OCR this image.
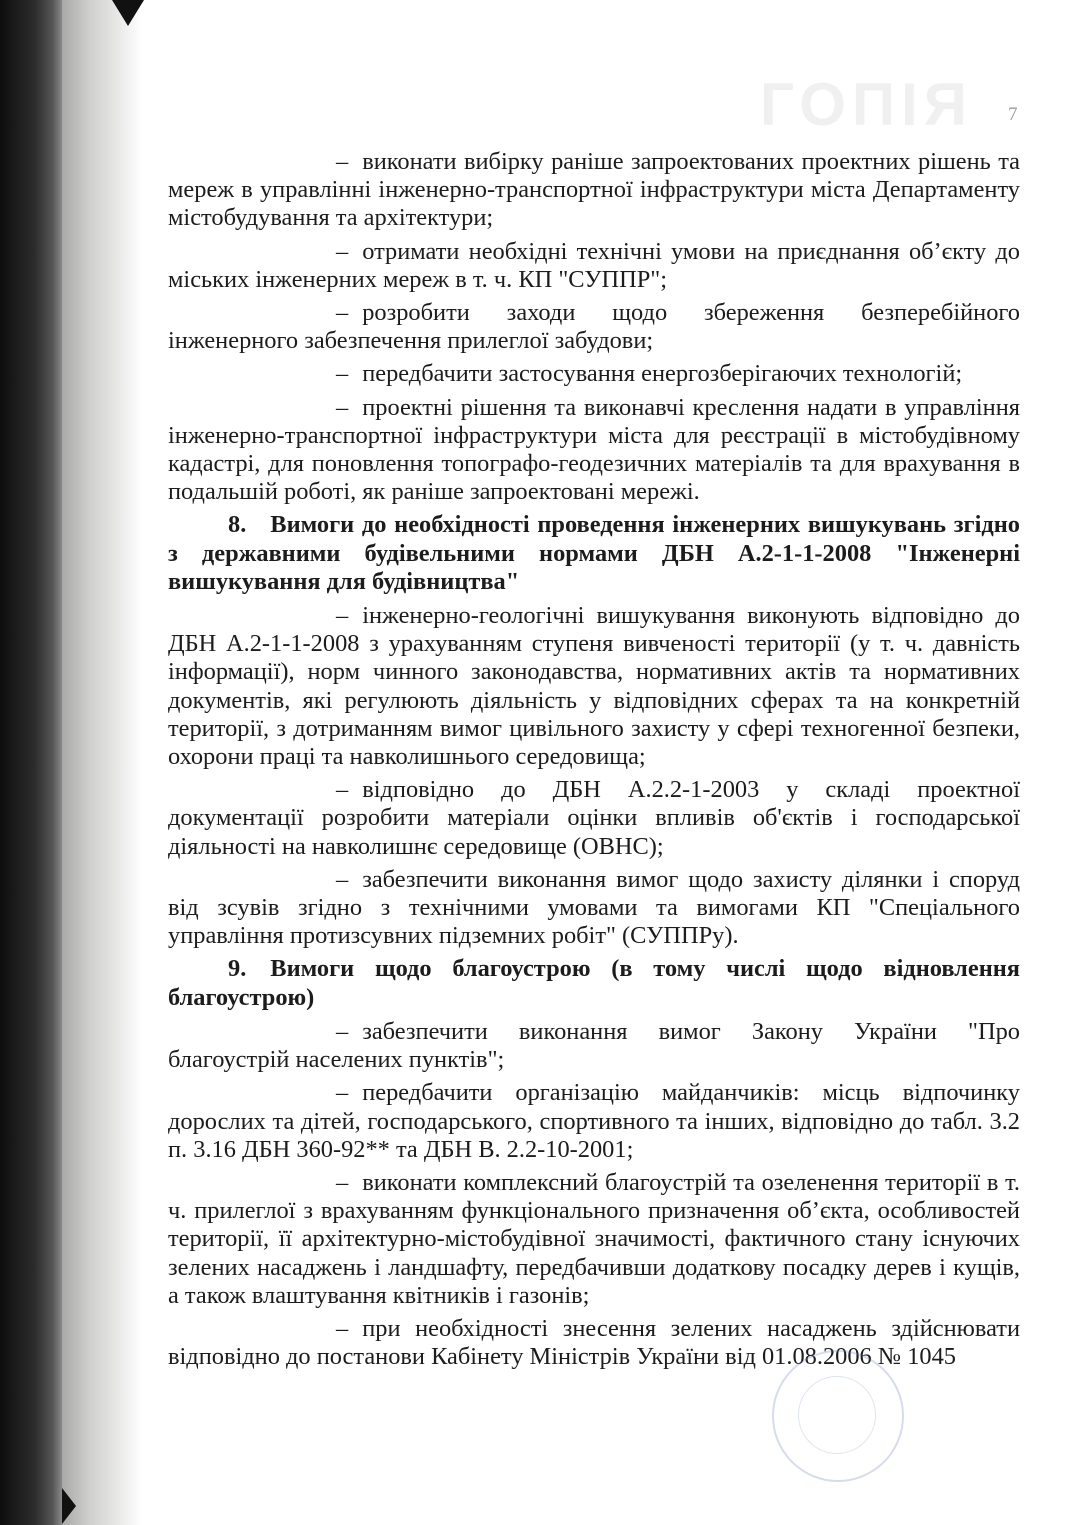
ГОПІЯ 7

– виконати вибірку раніше запроектованих проектних рішень та мереж в управлінні інженерно-транспортної інфраструктури міста Департаменту містобудування та архітектури;

– отримати необхідні технічні умови на приєднання об’єкту до міських інженерних мереж в т. ч. КП "СУППР";

– розробити заходи щодо збереження безперебійного інженерного забезпечення прилеглої забудови;

– передбачити застосування енергозберігаючих технологій;

– проектні рішення та виконавчі креслення надати в управління інженерно-транспортної інфраструктури міста для реєстрації в містобудівному кадастрі, для поновлення топографо-геодезичних матеріалів та для врахування в подальшій роботі, як раніше запроектовані мережі.

8. Вимоги до необхідності проведення інженерних вишукувань згідно з державними будівельними нормами ДБН А.2-1-1-2008 "Інженерні вишукування для будівництва"

– інженерно-геологічні вишукування виконують відповідно до ДБН А.2-1-1-2008 з урахуванням ступеня вивченості території (у т. ч. давність інформації), норм чинного законодавства, нормативних актів та нормативних документів, які регулюють діяльність у відповідних сферах та на конкретній території, з дотриманням вимог цивільного захисту у сфері техногенної безпеки, охорони праці та навколишнього середовища;

– відповідно до ДБН А.2.2-1-2003 у складі проектної документації розробити матеріали оцінки впливів об'єктів і господарської діяльності на навколишнє середовище (ОВНС);

– забезпечити виконання вимог щодо захисту ділянки і споруд від зсувів згідно з технічними умовами та вимогами КП "Спеціального управління протизсувних підземних робіт" (СУППРу).

9. Вимоги щодо благоустрою (в тому числі щодо відновлення благоустрою)

– забезпечити виконання вимог Закону України "Про благоустрій населених пунктів";

– передбачити організацію майданчиків: місць відпочинку дорослих та дітей, господарського, спортивного та інших, відповідно до табл. 3.2 п. 3.16 ДБН 360-92** та ДБН В. 2.2-10-2001;

– виконати комплексний благоустрій та озеленення території в т. ч. прилеглої з врахуванням функціонального призначення об’єкта, особливостей території, її архітектурно-містобудівної значимості, фактичного стану існуючих зелених насаджень і ландшафту, передбачивши додаткову посадку дерев і кущів, а також влаштування квітників і газонів;

– при необхідності знесення зелених насаджень здійснювати відповідно до постанови Кабінету Міністрів України від 01.08.2006 № 1045
